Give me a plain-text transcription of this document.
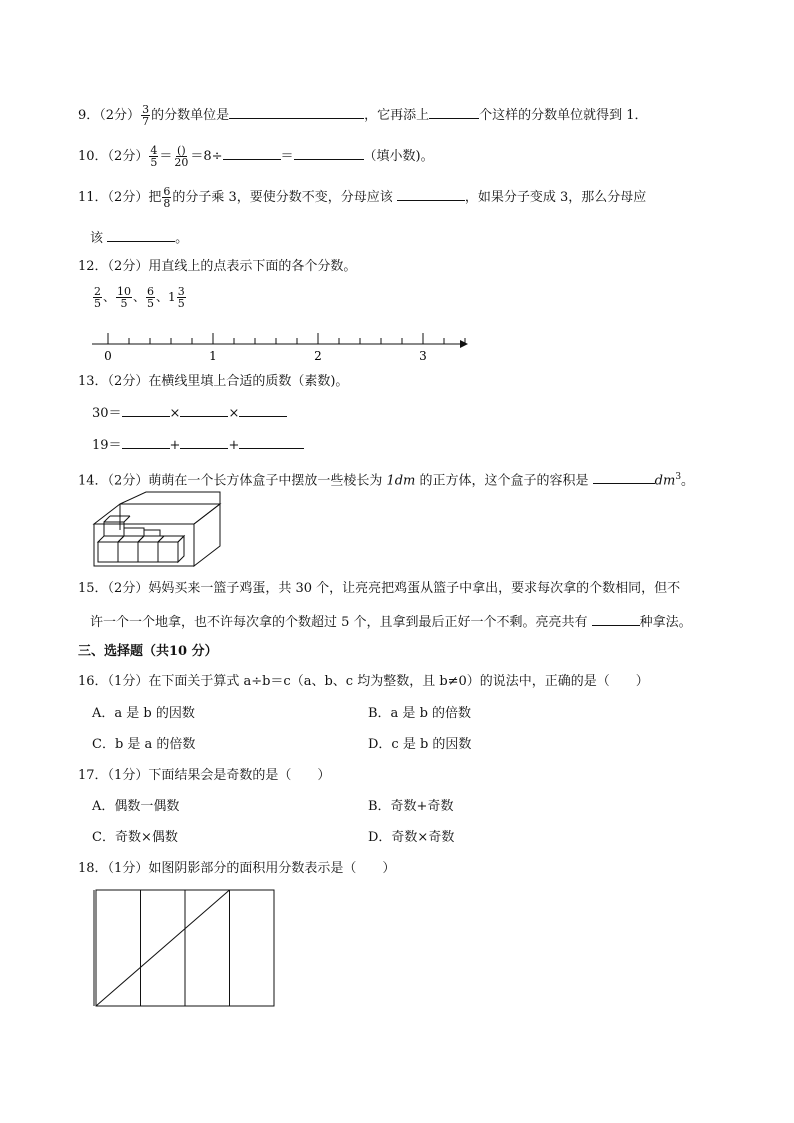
9．（2分） $\frac{3}{7}$ 的分数单位是	，它再添上	个这样的分数单位就得到 1．
10．（2分） $\frac{4}{5} = \frac{()}{20} =8\div$	＝	（填小数)。
11．（2分）把 $\frac{6}{8}$ 的分子乘 3，要使分数不变，分母应该	，如果分子变成 3，那么分母应
该	。
12．（2分）用直线上的点表示下面的各个分数。
$\frac{2}{5}$ 、 $\frac{10}{5}$ 、 $\frac{6}{5}$ 、$1 \frac{3}{5}$
0	1	2	3
13．（2分）在横线里填上合适的质数（素数)。
30＝	×	×
19＝	+	+
14．（2分）萌萌在一个长方体盒子中摆放一些棱长为 1dm 的正方体，这个盒子的容积是	$dm^3$。
15．（2分）妈妈买来一篮子鸡蛋，共 30 个，让亮亮把鸡蛋从篮子中拿出，要求每次拿的个数相同，但不
许一个一个地拿，也不许每次拿的个数超过 5 个，且拿到最后正好一个不剩。亮亮共有	种拿法。
三、选择题（共10 分）
16．（1分）在下面关于算式 a÷b＝c（a、b、c 均为整数，且 b≠0）的说法中，正确的是（　　）
A．a 是 b 的因数	B．a 是 b 的倍数
C．b 是 a 的倍数	D．c 是 b 的因数
17．（1分）下面结果会是奇数的是（　　）
A．偶数一偶数	B．奇数+奇数
C．奇数×偶数	D．奇数×奇数
18．（1分）如图阴影部分的面积用分数表示是（　　）
